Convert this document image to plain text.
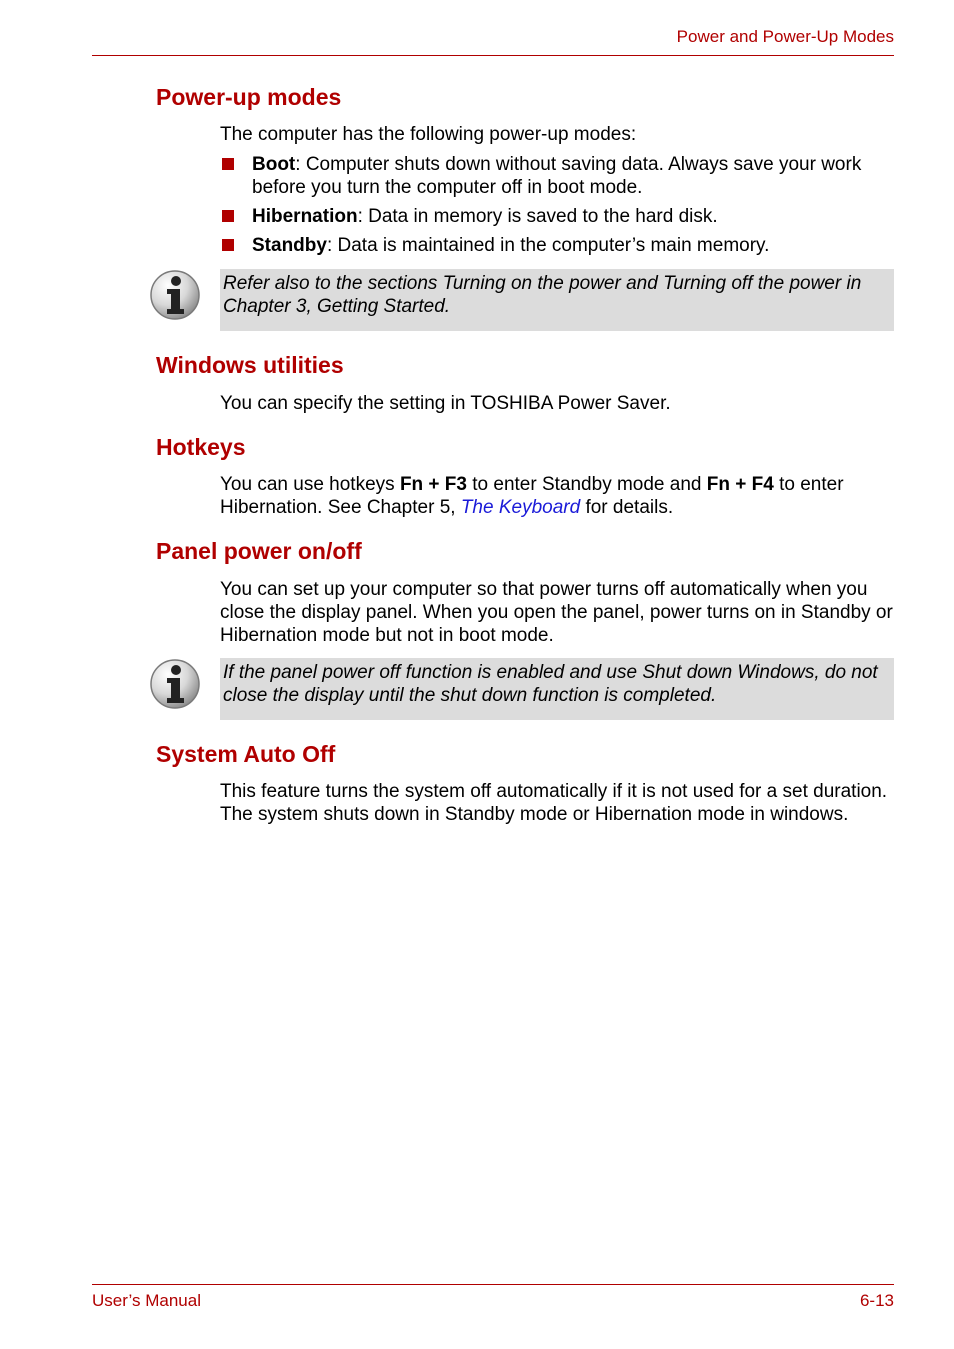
Power and Power-Up Modes
Power-up modes

The computer has the following power-up modes:

Boot: Computer shuts down without saving data. Always save your work before you turn the computer off in boot mode.
Hibernation: Data in memory is saved to the hard disk.
Standby: Data is maintained in the computer’s main memory.
Refer also to the sections Turning on the power and Turning off the power in Chapter 3, Getting Started.
Windows utilities

You can specify the setting in TOSHIBA Power Saver.

Hotkeys

You can use hotkeys Fn + F3 to enter Standby mode and Fn + F4 to enter Hibernation. See Chapter 5, The Keyboard for details.

Panel power on/off

You can set up your computer so that power turns off automatically when you close the display panel. When you open the panel, power turns on in Standby or Hibernation mode but not in boot mode.

If the panel power off function is enabled and use Shut down Windows, do not close the display until the shut down function is completed.
System Auto Off

This feature turns the system off automatically if it is not used for a set duration. The system shuts down in Standby mode or Hibernation mode in windows.

User’s Manual	6-13
